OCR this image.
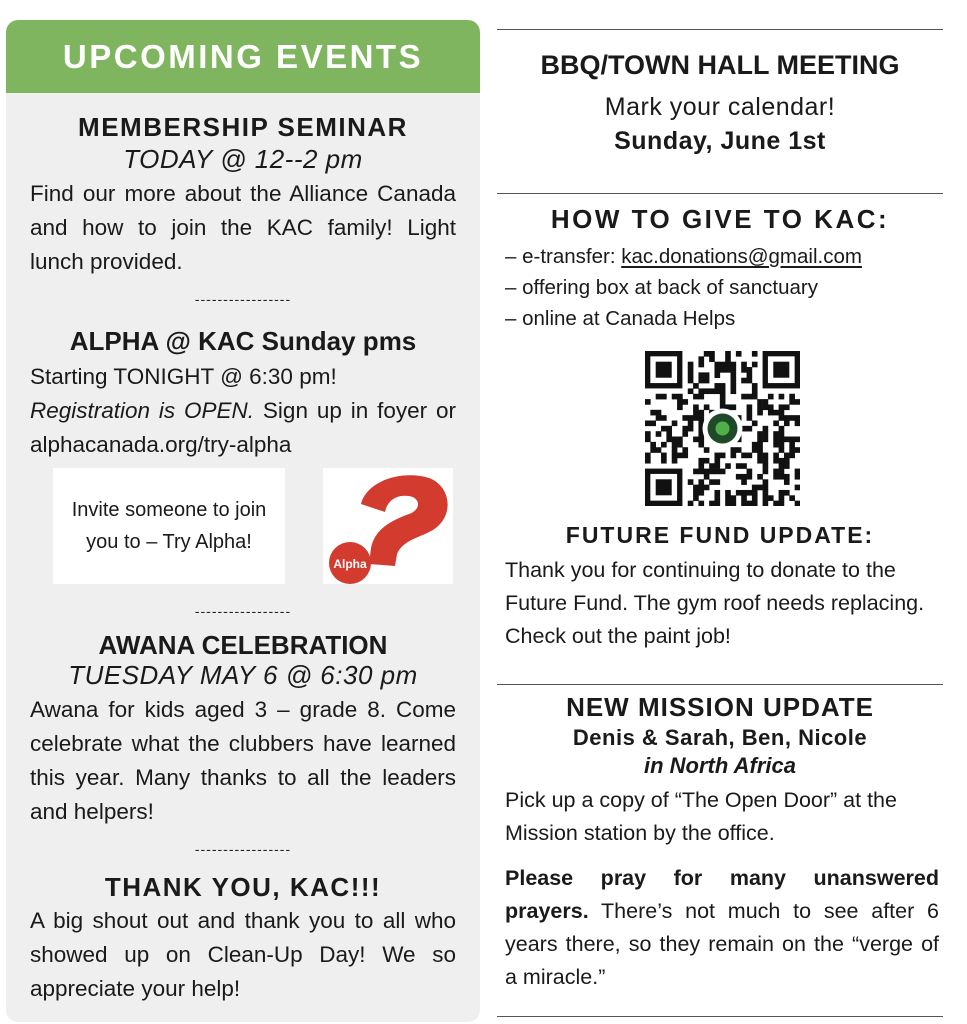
UPCOMING EVENTS
MEMBERSHIP SEMINAR
TODAY @ 12--2 pm
Find our more about the Alliance Canada and how to join the KAC family! Light lunch provided.
-----------------
ALPHA @ KAC Sunday pms
Starting TONIGHT @ 6:30 pm!
Registration is OPEN. Sign up in foyer or alphacanada.org/try-alpha
Invite someone to join you to – Try Alpha!
Alpha
-----------------
AWANA CELEBRATION
TUESDAY MAY 6 @ 6:30 pm
Awana for kids aged 3 – grade 8. Come celebrate what the clubbers have learned this year. Many thanks to all the leaders and helpers!
-----------------
THANK YOU, KAC!!!
A big shout out and thank you to all who showed up on Clean-Up Day! We so appreciate your help!
BBQ/TOWN HALL MEETING
Mark your calendar!
Sunday, June 1st
HOW TO GIVE TO KAC:
– e-transfer: kac.donations@gmail.com
– offering box at back of sanctuary
– online at Canada Helps
FUTURE FUND UPDATE:
Thank you for continuing to donate to the Future Fund. The gym roof needs replacing. Check out the paint job!
NEW MISSION UPDATE
Denis & Sarah, Ben, Nicole
in North Africa
Pick up a copy of “The Open Door” at the Mission station by the office.
Please pray for many unanswered prayers. There’s not much to see after 6 years there, so they remain on the “verge of a miracle.”
